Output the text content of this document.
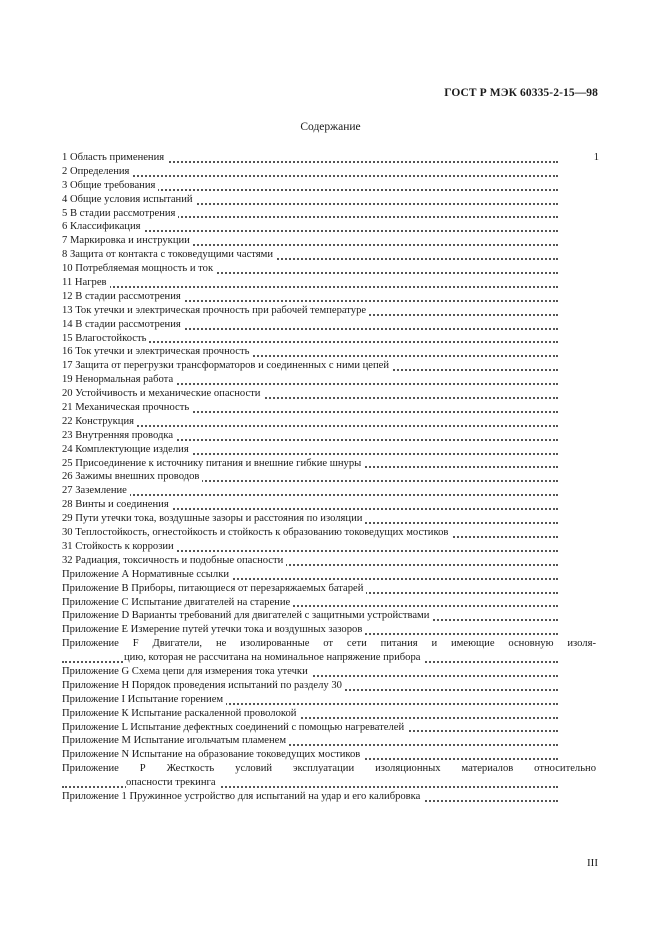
ГОСТ Р МЭК 60335-2-15—98
Содержание
1 Область применения	1
2 Определения
3 Общие требования
4 Общие условия испытаний
5 В стадии рассмотрения
6 Классификация
7 Маркировка и инструкции
8 Защита от контакта с токоведущими частями
10 Потребляемая мощность и ток
11 Нагрев
12 В стадии рассмотрения
13 Ток утечки и электрическая прочность при рабочей температуре
14 В стадии рассмотрения
15 Влагостойкость
16 Ток утечки и электрическая прочность
17 Защита от перегрузки трансформаторов и соединенных с ними цепей
19 Ненормальная работа
20 Устойчивость и механические опасности
21 Механическая прочность
22 Конструкция
23 Внутренняя проводка
24 Комплектующие изделия
25 Присоединение к источнику питания и внешние гибкие шнуры
26 Зажимы внешних проводов
27 Заземление
28 Винты и соединения
29 Пути утечки тока, воздушные зазоры и расстояния по изоляции
30 Теплостойкость, огнестойкость и стойкость к образованию токоведущих мостиков
31 Стойкость к коррозии
32 Радиация, токсичность и подобные опасности
Приложение А Нормативные ссылки
Приложение В Приборы, питающиеся от перезаряжаемых батарей
Приложение С Испытание двигателей на старение
Приложение D Варианты требований для двигателей с защитными устройствами
Приложение Е Измерение путей утечки тока и воздушных зазоров
Приложение F Двигатели, не изолированные от сети питания и имеющие основную изоля-
цию, которая не рассчитана на номинальное напряжение прибора
Приложение G Схема цепи для измерения тока утечки
Приложение Н Порядок проведения испытаний по разделу 30
Приложение I Испытание горением
Приложение К Испытание раскаленной проволокой
Приложение L Испытание дефектных соединений с помощью нагревателей
Приложение М Испытание игольчатым пламенем
Приложение N Испытание на образование токоведущих мостиков
Приложение Р Жесткость условий эксплуатации изоляционных материалов относительно
опасности трекинга
Приложение 1 Пружинное устройство для испытаний на удар и его калибровка
III
